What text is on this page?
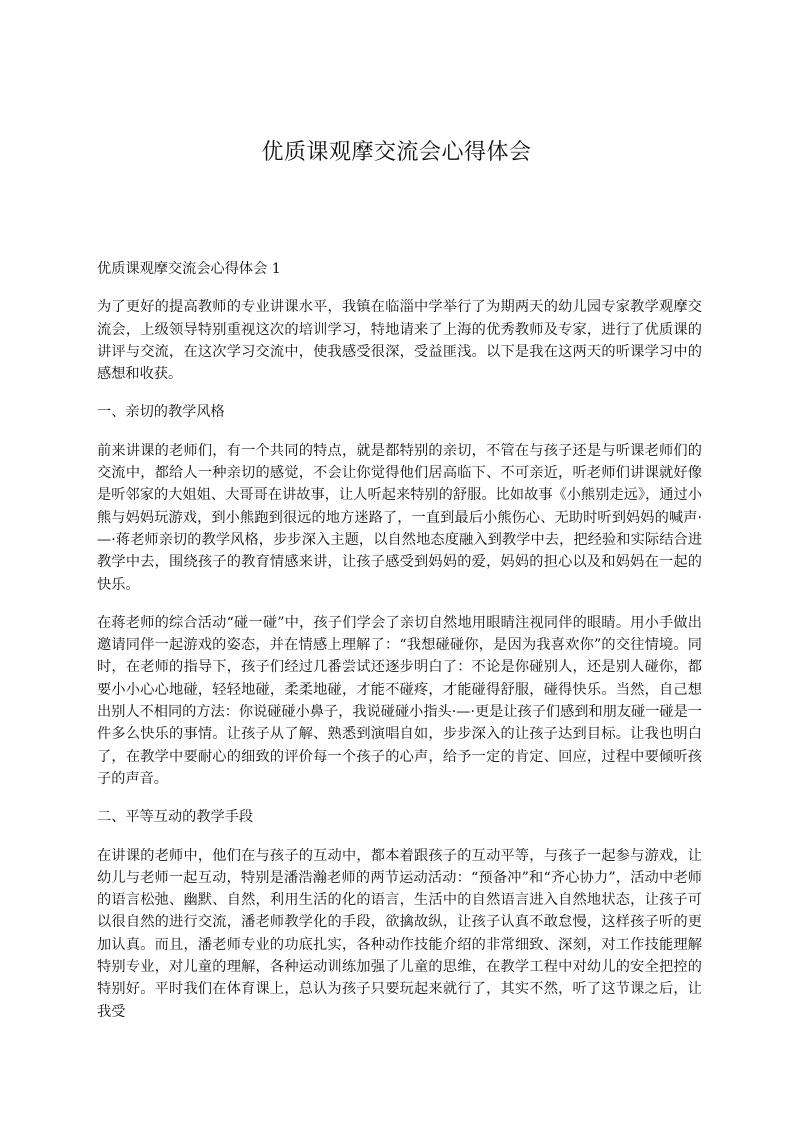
优质课观摩交流会心得体会

优质课观摩交流会心得体会 1

为了更好的提高教师的专业讲课水平，我镇在临淄中学举行了为期两天的幼儿园专家教学观摩交流会，上级领导特别重视这次的培训学习，特地请来了上海的优秀教师及专家，进行了优质课的讲评与交流，在这次学习交流中，使我感受很深，受益匪浅。以下是我在这两天的听课学习中的感想和收获。

一、亲切的教学风格

前来讲课的老师们，有一个共同的特点，就是都特别的亲切，不管在与孩子还是与听课老师们的交流中，都给人一种亲切的感觉，不会让你觉得他们居高临下、不可亲近，听老师们讲课就好像是听邻家的大姐姐、大哥哥在讲故事，让人听起来特别的舒服。比如故事《小熊别走远》，通过小熊与妈妈玩游戏，到小熊跑到很远的地方迷路了，一直到最后小熊伤心、无助时听到妈妈的喊声·—·蒋老师亲切的教学风格，步步深入主题，以自然地态度融入到教学中去，把经验和实际结合进教学中去，围绕孩子的教育情感来讲，让孩子感受到妈妈的爱，妈妈的担心以及和妈妈在一起的快乐。

在蒋老师的综合活动“碰一碰”中，孩子们学会了亲切自然地用眼睛注视同伴的眼睛。用小手做出邀请同伴一起游戏的姿态，并在情感上理解了：“我想碰碰你，是因为我喜欢你”的交往情境。同时，在老师的指导下，孩子们经过几番尝试还逐步明白了：不论是你碰别人，还是别人碰你，都要小小心心地碰，轻轻地碰，柔柔地碰，才能不碰疼，才能碰得舒服，碰得快乐。当然，自己想出别人不相同的方法：你说碰碰小鼻子，我说碰碰小指头·—·更是让孩子们感到和朋友碰一碰是一件多么快乐的事情。让孩子从了解、熟悉到演唱自如，步步深入的让孩子达到目标。让我也明白了，在教学中要耐心的细致的评价每一个孩子的心声，给予一定的肯定、回应，过程中要倾听孩子的声音。

二、平等互动的教学手段

在讲课的老师中，他们在与孩子的互动中，都本着跟孩子的互动平等，与孩子一起参与游戏，让幼儿与老师一起互动，特别是潘浩瀚老师的两节运动活动：“预备冲”和“齐心协力”，活动中老师的语言松弛、幽默、自然，利用生活的化的语言，生活中的自然语言进入自然地状态，让孩子可以很自然的进行交流，潘老师教学化的手段，欲擒故纵，让孩子认真不敢怠慢，这样孩子听的更加认真。而且，潘老师专业的功底扎实，各种动作技能介绍的非常细致、深刻，对工作技能理解特别专业，对儿童的理解，各种运动训练加强了儿童的思维，在教学工程中对幼儿的安全把控的特别好。平时我们在体育课上，总认为孩子只要玩起来就行了，其实不然，听了这节课之后，让我受
